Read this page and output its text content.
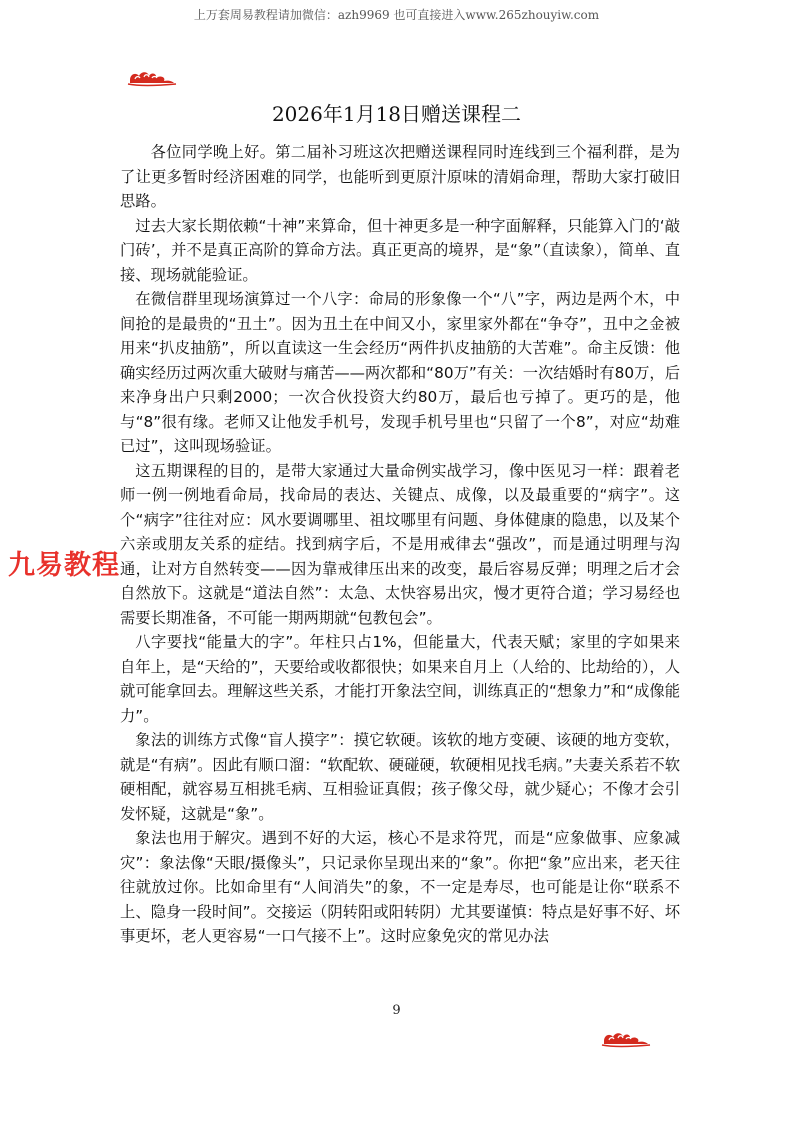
上万套周易教程请加微信：azh9969 也可直接进入www.265zhouyiw.com
2026年1月18日赠送课程二

各位同学晚上好。第二届补习班这次把赠送课程同时连线到三个福利群，是为了让更多暂时经济困难的同学，也能听到更原汁原味的清娟命理，帮助大家打破旧思路。

过去大家长期依赖“十神”来算命，但十神更多是一种字面解释，只能算入门的‘敲门砖’，并不是真正高阶的算命方法。真正更高的境界，是“象”（直读象），简单、直接、现场就能验证。

在微信群里现场演算过一个八字：命局的形象像一个“八”字，两边是两个木，中间抢的是最贵的“丑土”。因为丑土在中间又小，家里家外都在“争夺”，丑中之金被用来“扒皮抽筋”，所以直读这一生会经历“两件扒皮抽筋的大苦难”。命主反馈：他确实经历过两次重大破财与痛苦——两次都和“80万”有关：一次结婚时有80万，后来净身出户只剩2000；一次合伙投资大约80万，最后也亏掉了。更巧的是，他与“8”很有缘。老师又让他发手机号，发现手机号里也“只留了一个8”，对应“劫难已过”，这叫现场验证。

这五期课程的目的，是带大家通过大量命例实战学习，像中医见习一样：跟着老师一例一例地看命局，找命局的表达、关键点、成像，以及最重要的“病字”。这个“病字”往往对应：风水要调哪里、祖坟哪里有问题、身体健康的隐患，以及某个六亲或朋友关系的症结。找到病字后，不是用戒律去“强改”，而是通过明理与沟通，让对方自然转变——因为靠戒律压出来的改变，最后容易反弹；明理之后才会自然放下。这就是“道法自然”：太急、太快容易出灾，慢才更符合道；学习易经也需要长期准备，不可能一期两期就“包教包会”。

八字要找“能量大的字”。年柱只占1%，但能量大，代表天赋；家里的字如果来自年上，是“天给的”，天要给或收都很快；如果来自月上（人给的、比劫给的），人就可能拿回去。理解这些关系，才能打开象法空间，训练真正的“想象力”和“成像能力”。

象法的训练方式像“盲人摸字”：摸它软硬。该软的地方变硬、该硬的地方变软，就是“有病”。因此有顺口溜：“软配软、硬碰硬，软硬相见找毛病。”夫妻关系若不软硬相配，就容易互相挑毛病、互相验证真假；孩子像父母，就少疑心；不像才会引发怀疑，这就是“象”。

象法也用于解灾。遇到不好的大运，核心不是求符咒，而是“应象做事、应象减灾”：象法像“天眼/摄像头”，只记录你呈现出来的“象”。你把“象”应出来，老天往往就放过你。比如命里有“人间消失”的象，不一定是寿尽，也可能是让你“联系不上、隐身一段时间”。交接运（阴转阳或阳转阴）尤其要谨慎：特点是好事不好、坏事更坏，老人更容易“一口气接不上”。这时应象免灾的常见办法

九易教程
9
